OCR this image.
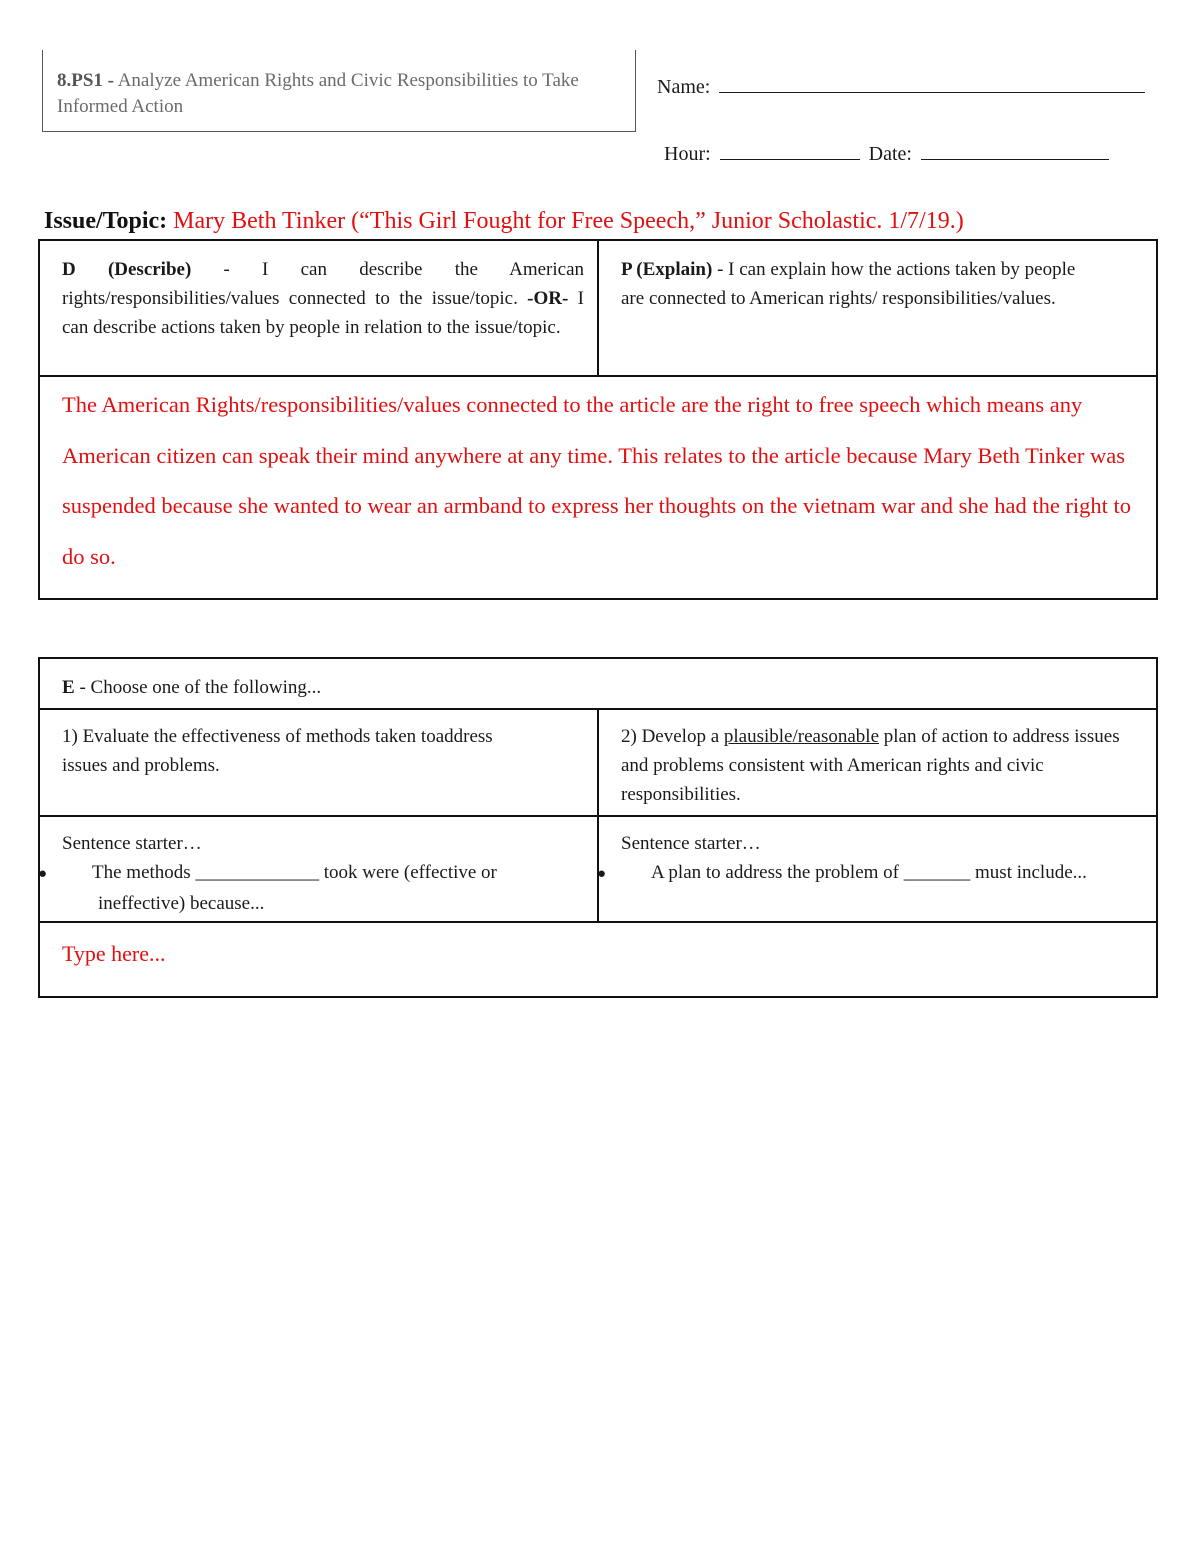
8.PS1 - Analyze American Rights and Civic Responsibilities to Take Informed Action
Name:
Hour:	Date:
Issue/Topic: Mary Beth Tinker (“This Girl Fought for Free Speech,” Junior Scholastic. 1/7/19.)
D (Describe) - I can describe the American rights/responsibilities/values connected to the issue/topic. -OR- I can describe actions taken by people in relation to the issue/topic.
P (Explain) - I can explain how the actions taken by people are connected to American rights/ responsibilities/values.
The American Rights/responsibilities/values connected to the article are the right to free speech which means any American citizen can speak their mind anywhere at any time. This relates to the article because Mary Beth Tinker was suspended because she wanted to wear an armband to express her thoughts on the vietnam war and she had the right to do so.
E - Choose one of the following...
1) Evaluate the effectiveness of methods taken toaddress issues and problems.
2) Develop a plausible/reasonable plan of action to address issues and problems consistent with American rights and civic responsibilities.
Sentence starter…
● The methods _____________ took were (effective or ineffective) because...
Sentence starter…
● A plan to address the problem of _______ must include...
Type here...
